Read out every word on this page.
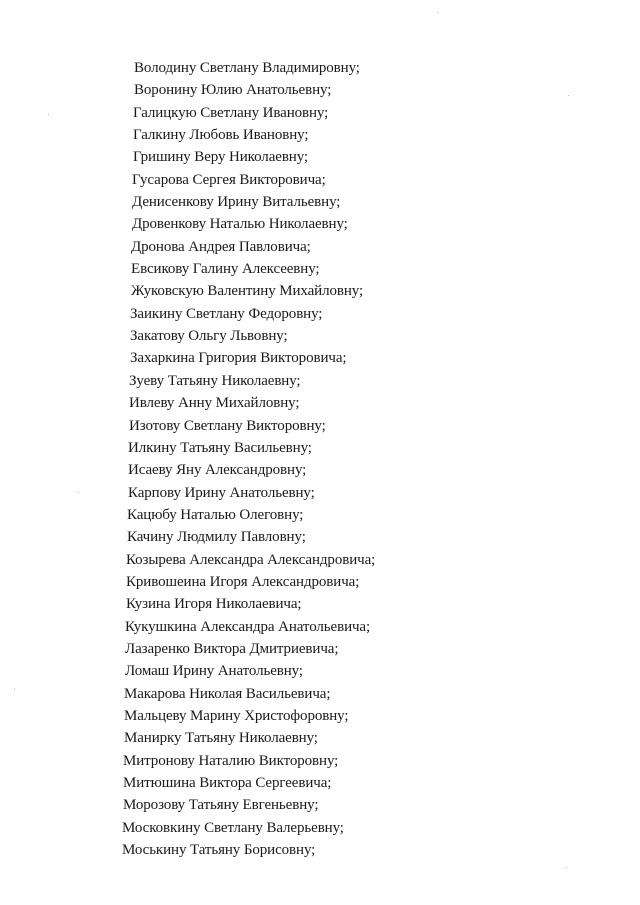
Володину Светлану Владимировну;
Воронину Юлию Анатольевну;
Галицкую Светлану Ивановну;
Галкину Любовь Ивановну;
Гришину Веру Николаевну;
Гусарова Сергея Викторовича;
Денисенкову Ирину Витальевну;
Дровенкову Наталью Николаевну;
Дронова Андрея Павловича;
Евсикову Галину Алексеевну;
Жуковскую Валентину Михайловну;
Заикину Светлану Федоровну;
Закатову Ольгу Львовну;
Захаркина Григория Викторовича;
Зуеву Татьяну Николаевну;
Ивлеву Анну Михайловну;
Изотову Светлану Викторовну;
Илкину Татьяну Васильевну;
Исаеву Яну Александровну;
Карпову Ирину Анатольевну;
Кацюбу Наталью Олеговну;
Качину Людмилу Павловну;
Козырева Александра Александровича;
Кривошеина Игоря Александровича;
Кузина Игоря Николаевича;
Кукушкина Александра Анатольевича;
Лазаренко Виктора Дмитриевича;
Ломаш Ирину Анатольевну;
Макарова Николая Васильевича;
Мальцеву Марину Христофоровну;
Манирку Татьяну Николаевну;
Митронову Наталию Викторовну;
Митюшина Виктора Сергеевича;
Морозову Татьяну Евгеньевну;
Московкину Светлану Валерьевну;
Моськину Татьяну Борисовну;
